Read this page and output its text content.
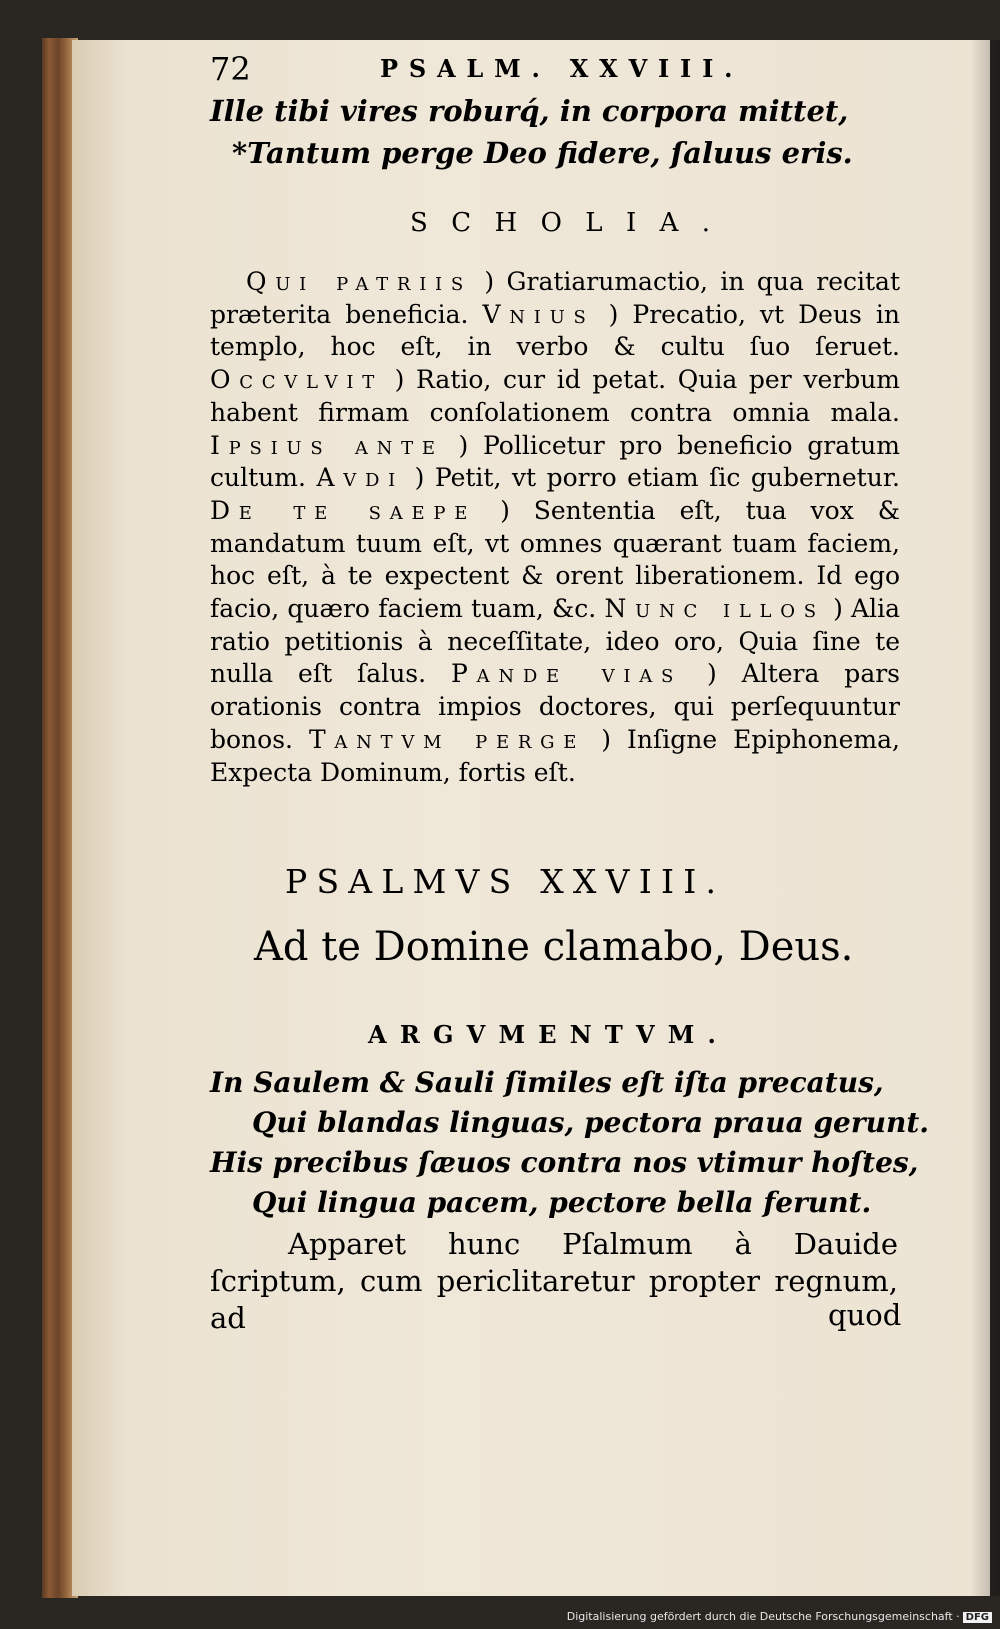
72	PSALM. XXVIII.
Ille tibi vires roburq́, in corpora mittet,
*Tantum perge Deo fidere, ſaluus eris.
SCHOLIA.

Qui patriis ) Gratiarumactio, in qua recitat præterita beneficia. Vnius ) Precatio, vt Deus in templo, hoc eſt, in verbo & cultu ſuo ſeruet. Occvlvit ) Ratio, cur id petat. Quia per verbum habent firmam conſolationem contra omnia mala. Ipsius ante ) Pollicetur pro beneficio gratum cultum. Avdi ) Petit, vt porro etiam ſic gubernetur. De te saepe ) Sententia eſt, tua vox & mandatum tuum eſt, vt omnes quærant tuam faciem, hoc eſt, à te expectent & orent liberationem. Id ego facio, quæro faciem tuam, &c. Nunc illos ) Alia ratio petitionis à neceſſitate, ideo oro, Quia ſine te nulla eſt ſalus. Pande vias ) Altera pars orationis contra impios doctores, qui perſequuntur bonos. Tantvm perge ) Inſigne Epiphonema, Expecta Dominum, fortis eſt.

PSALMVS XXVIII.
Ad te Domine clamabo, Deus.
ARGVMENTVM.
In Saulem & Sauli ſimiles eſt iſta precatus,
Qui blandas linguas, pectora praua gerunt.
His precibus ſæuos contra nos vtimur hoſtes,
Qui lingua pacem, pectore bella ferunt.

Apparet hunc Pſalmum à Dauide ſcriptum, cum periclitaretur propter regnum, ad	quod
Digitalisierung gefördert durch die Deutsche Forschungsgemeinschaft · DFG
